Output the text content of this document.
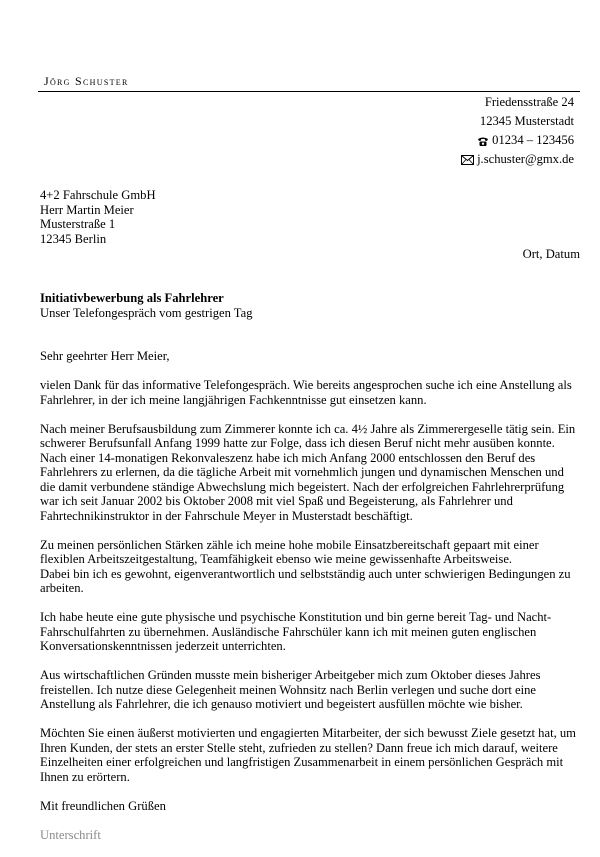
Jörg Schuster
Friedensstraße 24
12345 Musterstadt
01234 – 123456
j.schuster@gmx.de
4+2 Fahrschule GmbH
Herr Martin Meier
Musterstraße 1
12345 Berlin
Ort, Datum
Initiativbewerbung als Fahrlehrer
Unser Telefongespräch vom gestrigen Tag

Sehr geehrter Herr Meier,

vielen Dank für das informative Telefongespräch. Wie bereits angesprochen suche ich eine Anstellung als Fahrlehrer, in der ich meine langjährigen Fachkenntnisse gut einsetzen kann.

Nach meiner Berufsausbildung zum Zimmerer konnte ich ca. 4½ Jahre als Zimmerergeselle tätig sein. Ein schwerer Berufsunfall Anfang 1999 hatte zur Folge, dass ich diesen Beruf nicht mehr ausüben konnte. Nach einer 14-monatigen Rekonvaleszenz habe ich mich Anfang 2000 entschlossen den Beruf des Fahrlehrers zu erlernen, da die tägliche Arbeit mit vornehmlich jungen und dynamischen Menschen und die damit verbundene ständige Abwechslung mich begeistert. Nach der erfolgreichen Fahrlehrerprüfung war ich seit Januar 2002 bis Oktober 2008 mit viel Spaß und Begeisterung, als Fahrlehrer und Fahrtechnikinstruktor in der Fahrschule Meyer in Musterstadt beschäftigt.

Zu meinen persönlichen Stärken zähle ich meine hohe mobile Einsatzbereitschaft gepaart mit einer flexiblen Arbeitszeitgestaltung, Teamfähigkeit ebenso wie meine gewissenhafte Arbeitsweise.

Dabei bin ich es gewohnt, eigenverantwortlich und selbstständig auch unter schwierigen Bedingungen zu arbeiten.

Ich habe heute eine gute physische und psychische Konstitution und bin gerne bereit Tag- und Nacht-Fahrschulfahrten zu übernehmen. Ausländische Fahrschüler kann ich mit meinen guten englischen Konversationskenntnissen jederzeit unterrichten.

Aus wirtschaftlichen Gründen musste mein bisheriger Arbeitgeber mich zum Oktober dieses Jahres freistellen. Ich nutze diese Gelegenheit meinen Wohnsitz nach Berlin verlegen und suche dort eine Anstellung als Fahrlehrer, die ich genauso motiviert und begeistert ausfüllen möchte wie bisher.

Möchten Sie einen äußerst motivierten und engagierten Mitarbeiter, der sich bewusst Ziele gesetzt hat, um Ihren Kunden, der stets an erster Stelle steht, zufrieden zu stellen? Dann freue ich mich darauf, weitere Einzelheiten einer erfolgreichen und langfristigen Zusammenarbeit in einem persönlichen Gespräch mit Ihnen zu erörtern.

Mit freundlichen Grüßen

Unterschrift
